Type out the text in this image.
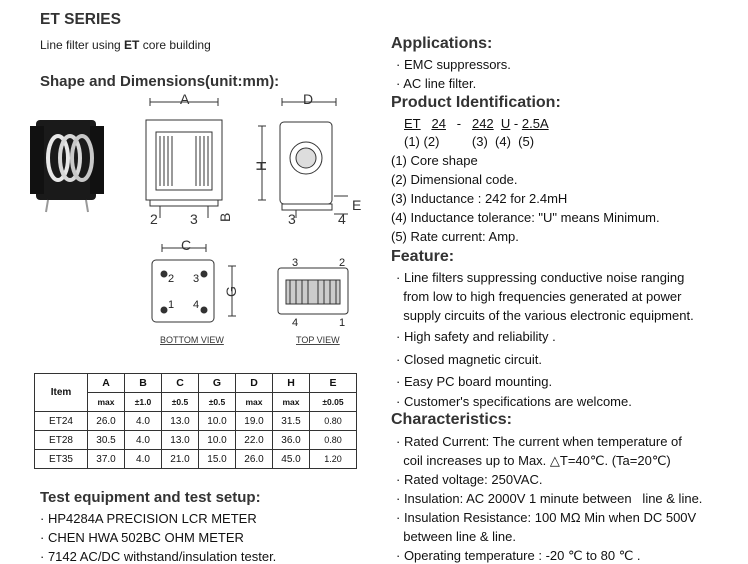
ET SERIES
Line filter using ET core building
Shape and Dimensions(unit:mm):
A
2 3 B
H
D
E
3	4
C
G
2 3
1 4
BOTTOM VIEW
3	2
4	1
TOP VIEW
Item	A	B	C	G	D	H	E
	max	±1.0	±0.5	±0.5	max	max	±0.05
ET24	26.0	4.0	13.0	10.0	19.0	31.5	0.80
ET28	30.5	4.0	13.0	10.0	22.0	36.0	0.80
ET35	37.0	4.0	21.0	15.0	26.0	45.0	1.20
Test equipment and test setup:
· HP4284A PRECISION LCR METER
· CHEN HWA 502BC OHM METER
· 7142 AC/DC withstand/insulation tester.
Applications:
· EMC suppressors.
· AC line filter.
Product Identification:
ET 24 - 242 U - 2.5A
(1) (2)	(3) (4) (5)
(1) Core shape
(2) Dimensional code.
(3) Inductance : 242 for 2.4mH
(4) Inductance tolerance: "U" means Minimum.
(5) Rate current: Amp.
Feature:
· Line filters suppressing conductive noise ranging
from low to high frequencies generated at power
supply circuits of the various electronic equipment.
· High safety and reliability .
· Closed magnetic circuit.
· Easy PC board mounting.
· Customer's specifications are welcome.
Characteristics:
· Rated Current: The current when temperature of
coil increases up to Max. △T=40℃. (Ta=20℃)
· Rated voltage: 250VAC.
· Insulation: AC 2000V 1 minute between   line & line.
· Insulation Resistance: 100 MΩ Min when DC 500V
between line & line.
· Operating temperature : -20 ℃ to 80 ℃ .
